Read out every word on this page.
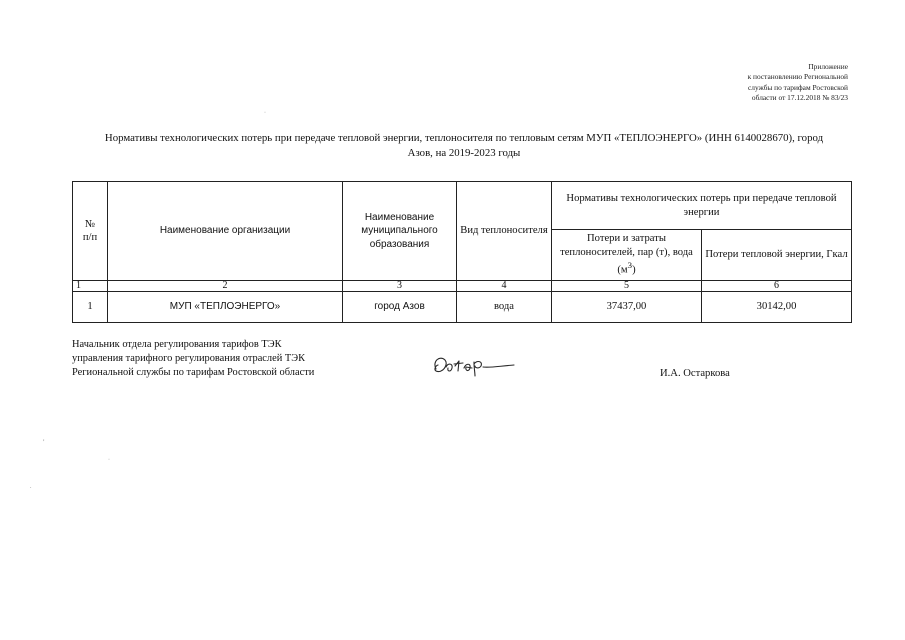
Приложение
к постановлению Региональной
службы по тарифам Ростовской
области от 17.12.2018 № 83/23
Нормативы технологических потерь при передаче тепловой энергии, теплоносителя по тепловым сетям МУП «ТЕПЛОЭНЕРГО» (ИНН 6140028670), город
Азов, на 2019-2023 годы
№
п/п	Наименование организации	Наименование муниципального образования	Вид теплоносителя	Нормативы технологических потерь при передаче тепловой энергии	
				Потери и затраты теплоносителей, пар (т), вода $(м^3)$	Потери тепловой энергии, Гкал
1	2	3	4	5	6
1	МУП «ТЕПЛОЭНЕРГО»	город Азов	вода	37437,00	30142,00
Начальник отдела регулирования тарифов ТЭК
управления тарифного регулирования отраслей ТЭК
Региональной службы по тарифам Ростовской области	И.А. Остаркова
,
·
.
·
